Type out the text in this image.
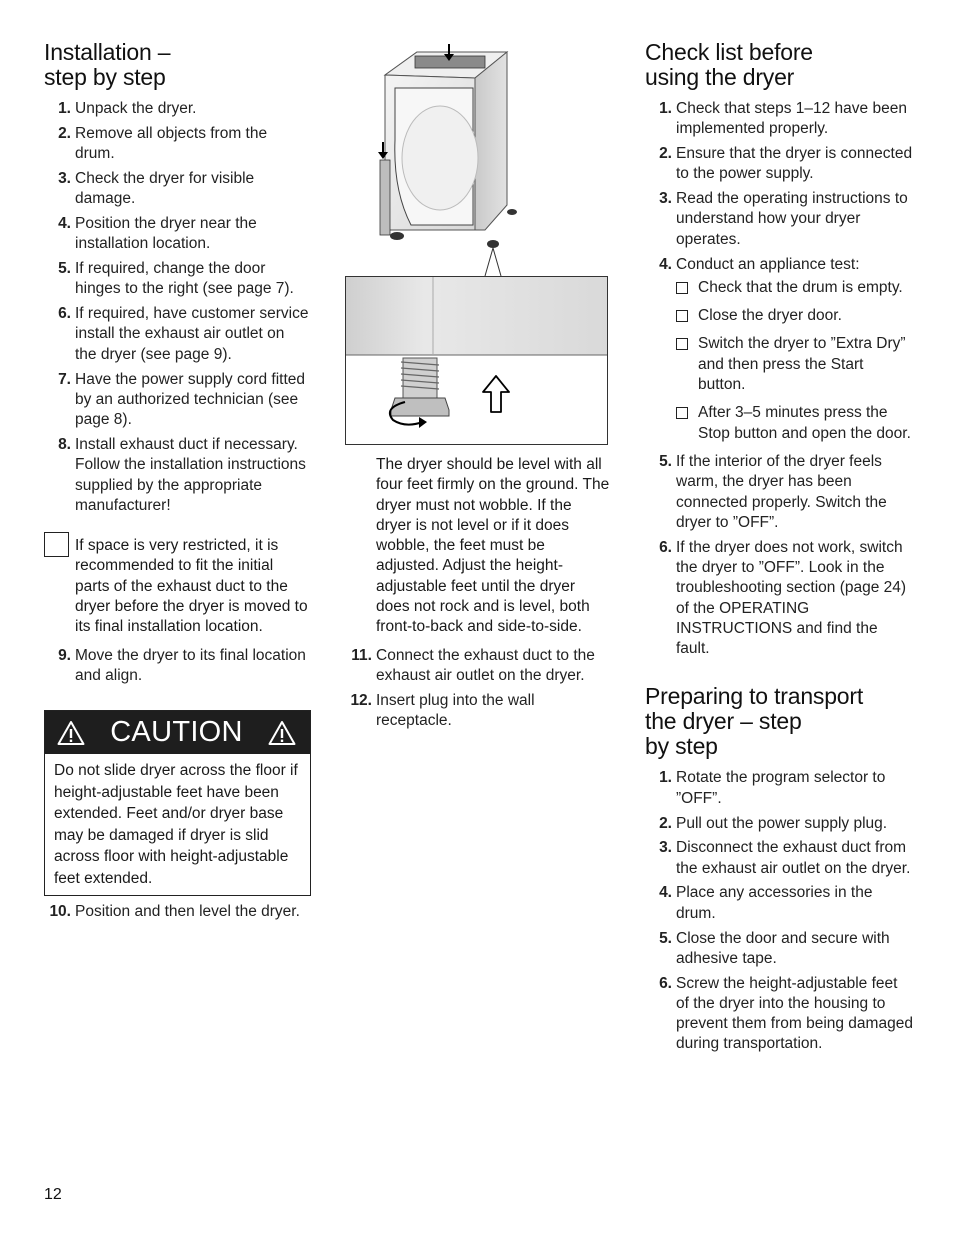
Installation –
step by step
1. Unpack the dryer.
2. Remove all objects from the drum.
3. Check the dryer for visible damage.
4. Position the dryer near the installation location.
5. If required, change the door hinges to the right (see page 7).
6. If required, have customer service install the exhaust air outlet on the dryer (see page 9).
7. Have the power supply cord fitted by an authorized technician (see page 8).
8. Install exhaust duct if necessary. Follow the installation instructions supplied by the appropriate manufacturer!
If space is very restricted, it is recommended to fit the initial parts of the exhaust duct to the dryer before the dryer is moved to its final installation location.
9. Move the dryer to its final location and align.
CAUTION
Do not slide dryer across the floor if height-adjustable feet have been extended. Feet and/or dryer base may be damaged if dryer is slid across floor with height-adjustable feet extended.
10. Position and then level the dryer.
The dryer should be level with all four feet firmly on the ground. The dryer must not wobble. If the dryer is not level or if it does wobble, the feet must be adjusted. Adjust the height-adjustable feet until the dryer does not rock and is level, both front-to-back and side-to-side.
11. Connect the exhaust duct to the exhaust air outlet on the dryer.
12. Insert plug into the wall receptacle.
Check list before
using the dryer
1. Check that steps 1–12 have been implemented properly.
2. Ensure that the dryer is connected to the power supply.
3. Read the operating instructions to understand how your dryer operates.
4. Conduct an appliance test:
Check that the drum is empty.
Close the dryer door.
Switch the dryer to ”Extra Dry” and then press the Start button.
After 3–5 minutes press the Stop button and open the door.
5. If the interior of the dryer feels warm, the dryer has been connected properly. Switch the dryer to ”OFF”.
6. If the dryer does not work, switch the dryer to ”OFF”. Look in the troubleshooting section (page 24) of the OPERATING INSTRUCTIONS and find the fault.
Preparing to transport
the dryer – step
by step
1. Rotate the program selector to ”OFF”.
2. Pull out the power supply plug.
3. Disconnect the exhaust duct from the exhaust air outlet on the dryer.
4. Place any accessories in the drum.
5. Close the door and secure with adhesive tape.
6. Screw the height-adjustable feet of the dryer into the housing to prevent them from being damaged during transportation.
12
